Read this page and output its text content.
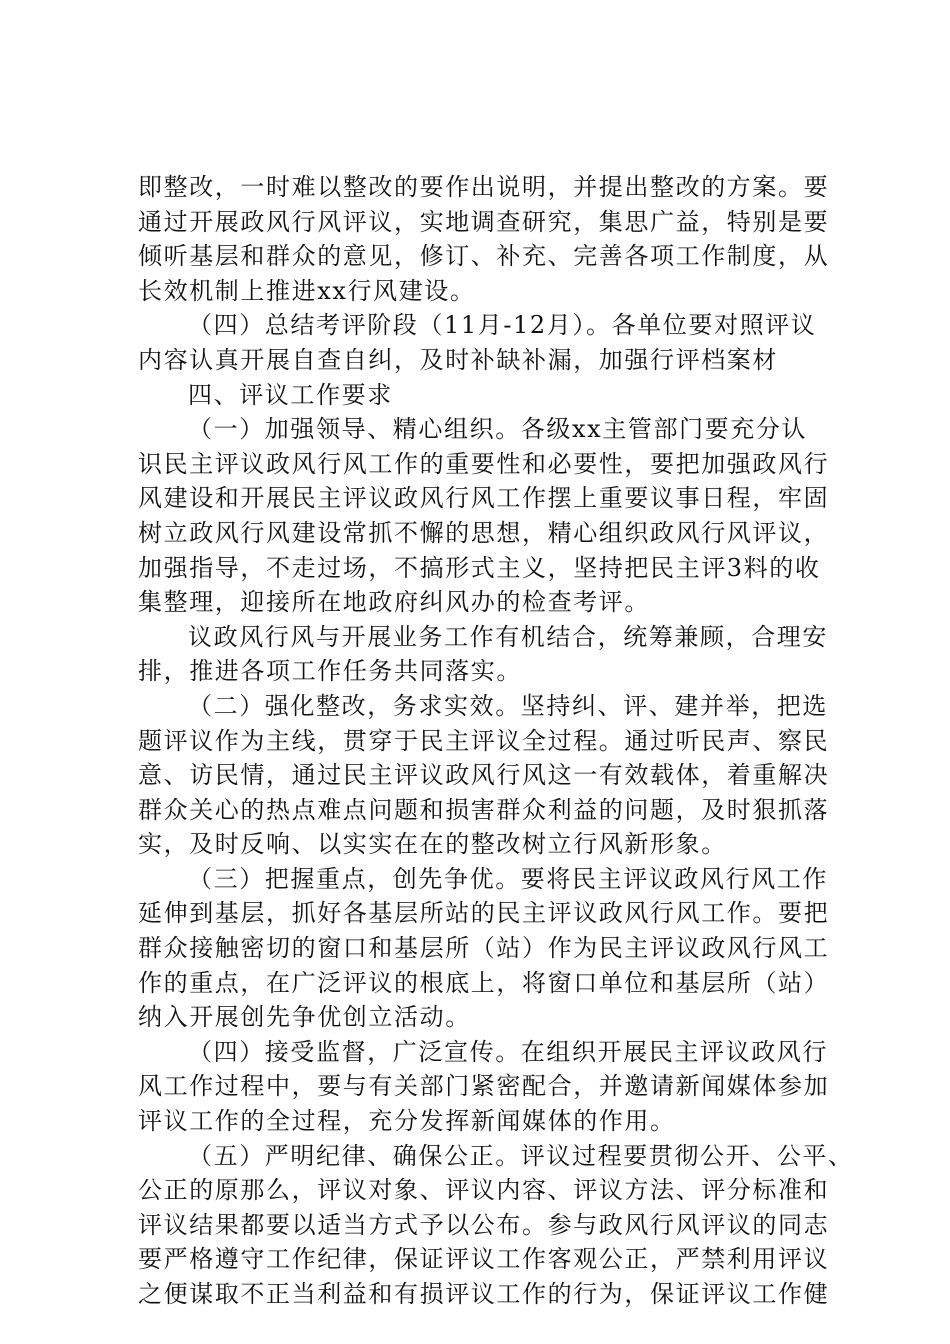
即整改，一时难以整改的要作出说明，并提出整改的方案。要
通过开展政风行风评议，实地调查研究，集思广益，特别是要
倾听基层和群众的意见，修订、补充、完善各项工作制度，从
长效机制上推进xx行风建设。
（四）总结考评阶段（11月-12月）。各单位要对照评议
内容认真开展自查自纠，及时补缺补漏，加强行评档案材
四、评议工作要求
（一）加强领导、精心组织。各级xx主管部门要充分认
识民主评议政风行风工作的重要性和必要性，要把加强政风行
风建设和开展民主评议政风行风工作摆上重要议事日程，牢固
树立政风行风建设常抓不懈的思想，精心组织政风行风评议，
加强指导，不走过场，不搞形式主义，坚持把民主评3料的收
集整理，迎接所在地政府纠风办的检查考评。
议政风行风与开展业务工作有机结合，统筹兼顾，合理安
排，推进各项工作任务共同落实。
（二）强化整改，务求实效。坚持纠、评、建并举，把选
题评议作为主线，贯穿于民主评议全过程。通过听民声、察民
意、访民情，通过民主评议政风行风这一有效载体，着重解决
群众关心的热点难点问题和损害群众利益的问题，及时狠抓落
实，及时反响、以实实在在的整改树立行风新形象。
（三）把握重点，创先争优。要将民主评议政风行风工作
延伸到基层，抓好各基层所站的民主评议政风行风工作。要把
群众接触密切的窗口和基层所（站）作为民主评议政风行风工
作的重点，在广泛评议的根底上，将窗口单位和基层所（站）
纳入开展创先争优创立活动。
（四）接受监督，广泛宣传。在组织开展民主评议政风行
风工作过程中，要与有关部门紧密配合，并邀请新闻媒体参加
评议工作的全过程，充分发挥新闻媒体的作用。
（五）严明纪律、确保公正。评议过程要贯彻公开、公平、
公正的原那么，评议对象、评议内容、评议方法、评分标准和
评议结果都要以适当方式予以公布。参与政风行风评议的同志
要严格遵守工作纪律，保证评议工作客观公正，严禁利用评议
之便谋取不正当利益和有损评议工作的行为，保证评议工作健
